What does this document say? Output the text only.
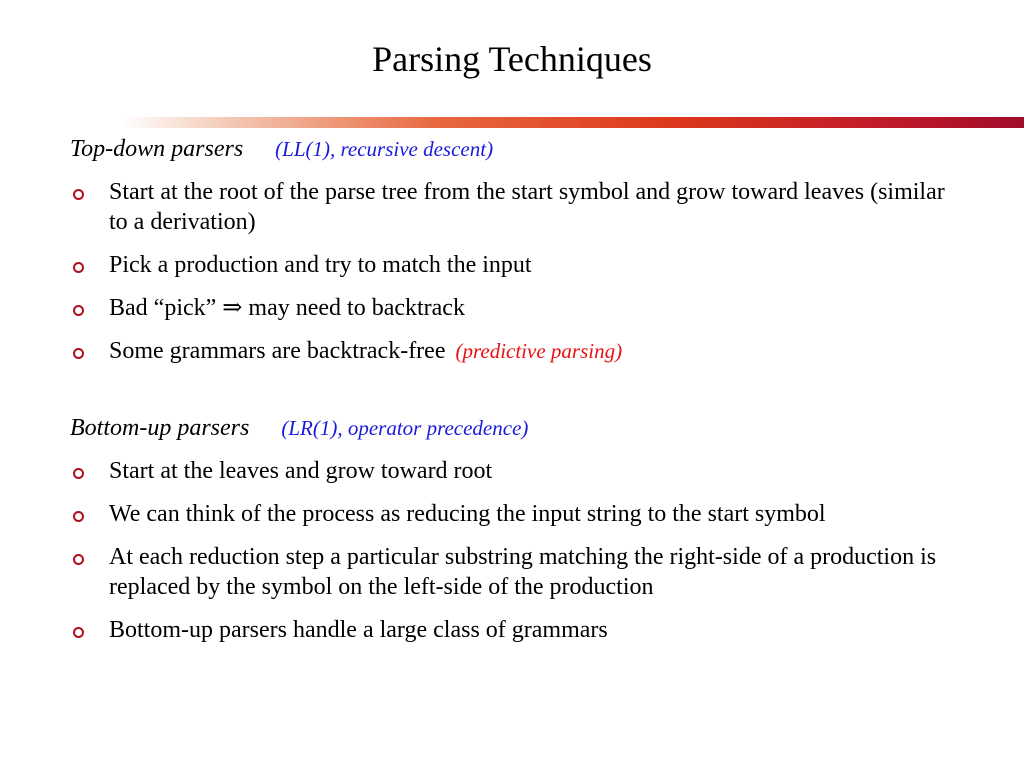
Parsing Techniques

Top-down parsers (LL(1), recursive descent)

Start at the root of the parse tree from the start symbol and grow toward leaves (similar to a derivation)
Pick a production and try to match the input
Bad “pick” ⇒ may need to backtrack
Some grammars are backtrack-free (predictive parsing)

Bottom-up parsers (LR(1), operator precedence)

Start at the leaves and grow toward root
We can think of the process as reducing the input string to the start symbol
At each reduction step a particular substring matching the right-side of a production is replaced by the symbol on the left-side of the production
Bottom-up parsers handle a large class of grammars
